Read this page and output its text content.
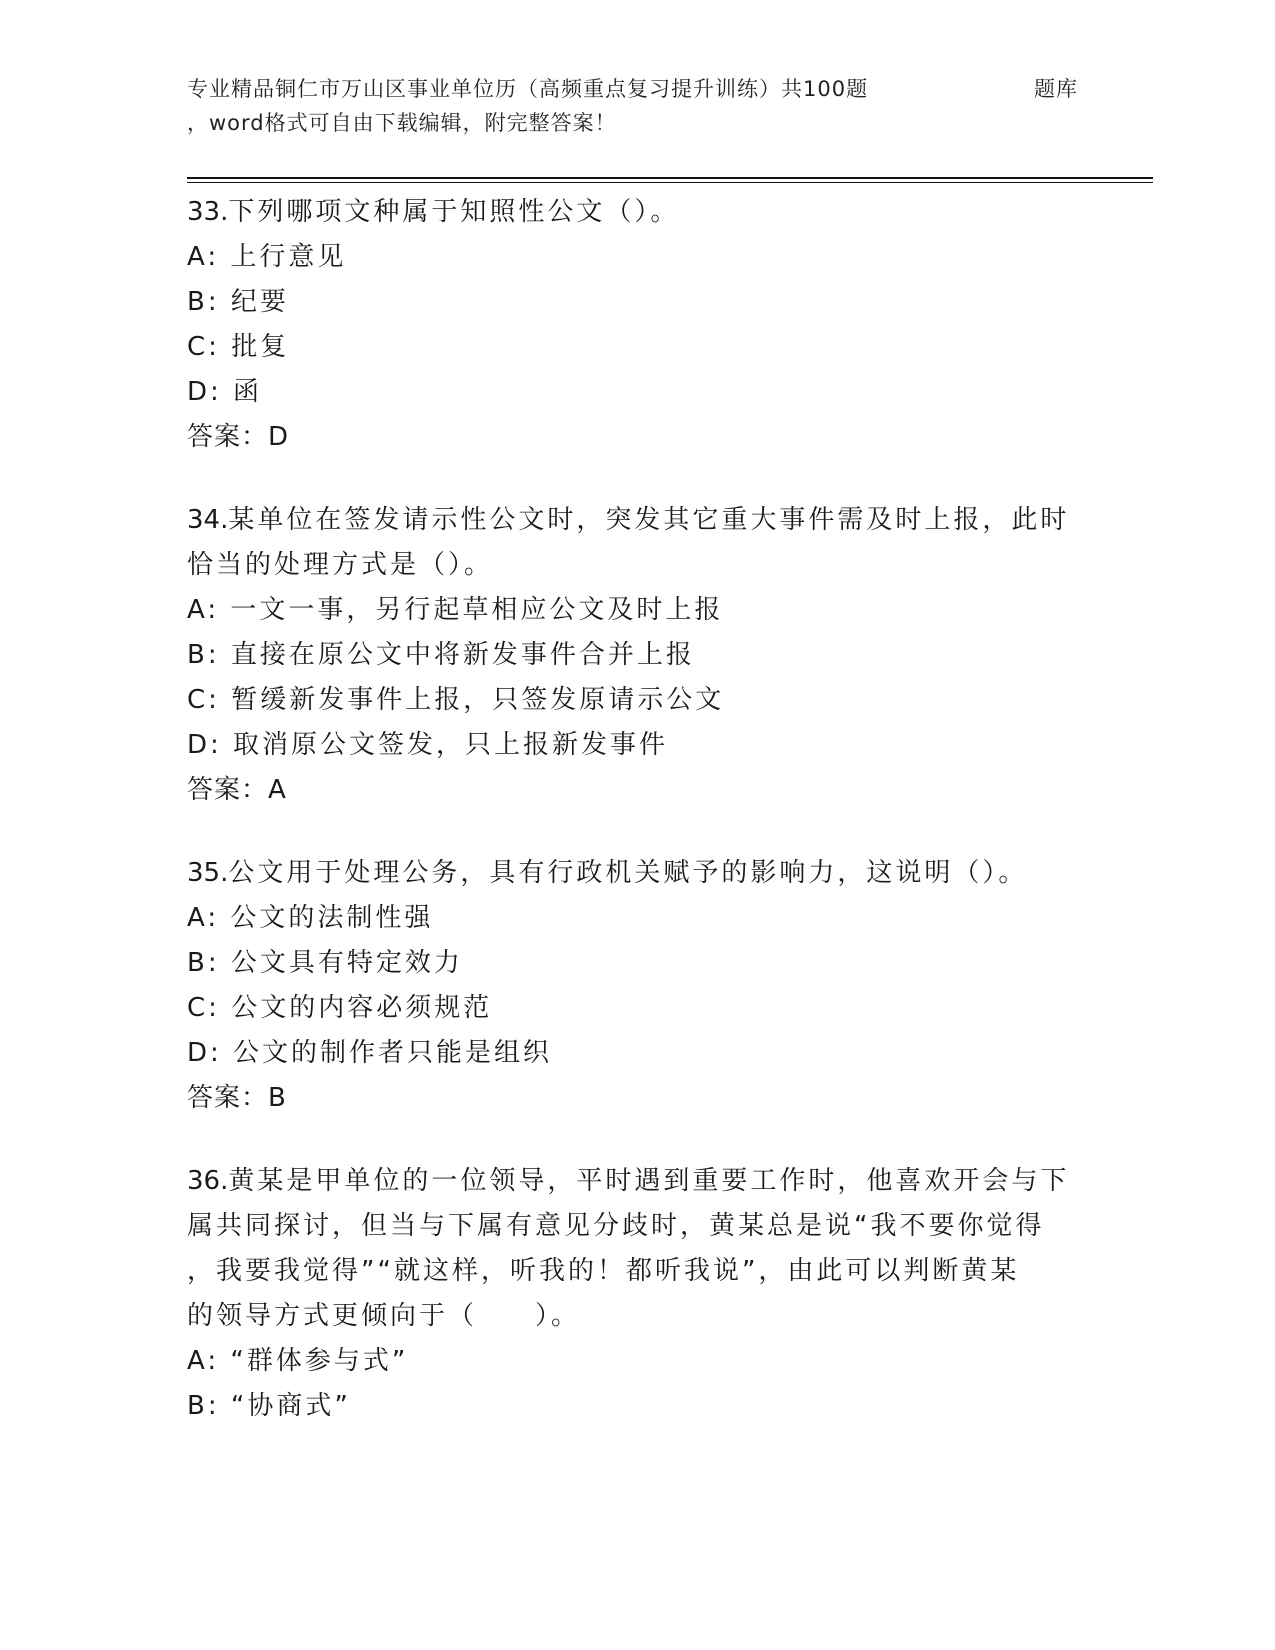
专业精品铜仁市万山区事业单位历（高频重点复习提升训练）共100题	题库
，word格式可自由下载编辑，附完整答案！

33.下列哪项文种属于知照性公文（）。

A: 上行意见

B: 纪要

C: 批复

D: 函

答案：D

34.某单位在签发请示性公文时，突发其它重大事件需及时上报，此时

恰当的处理方式是（）。

A: 一文一事，另行起草相应公文及时上报

B: 直接在原公文中将新发事件合并上报

C: 暂缓新发事件上报，只签发原请示公文

D: 取消原公文签发，只上报新发事件

答案：A

35.公文用于处理公务，具有行政机关赋予的影响力，这说明（）。

A: 公文的法制性强

B: 公文具有特定效力

C: 公文的内容必须规范

D: 公文的制作者只能是组织

答案：B

36.黄某是甲单位的一位领导，平时遇到重要工作时，他喜欢开会与下

属共同探讨，但当与下属有意见分歧时，黄某总是说“我不要你觉得

，我要我觉得”“就这样，听我的！都听我说”，由此可以判断黄某

的领导方式更倾向于（　　）。

A: “群体参与式”

B: “协商式”
